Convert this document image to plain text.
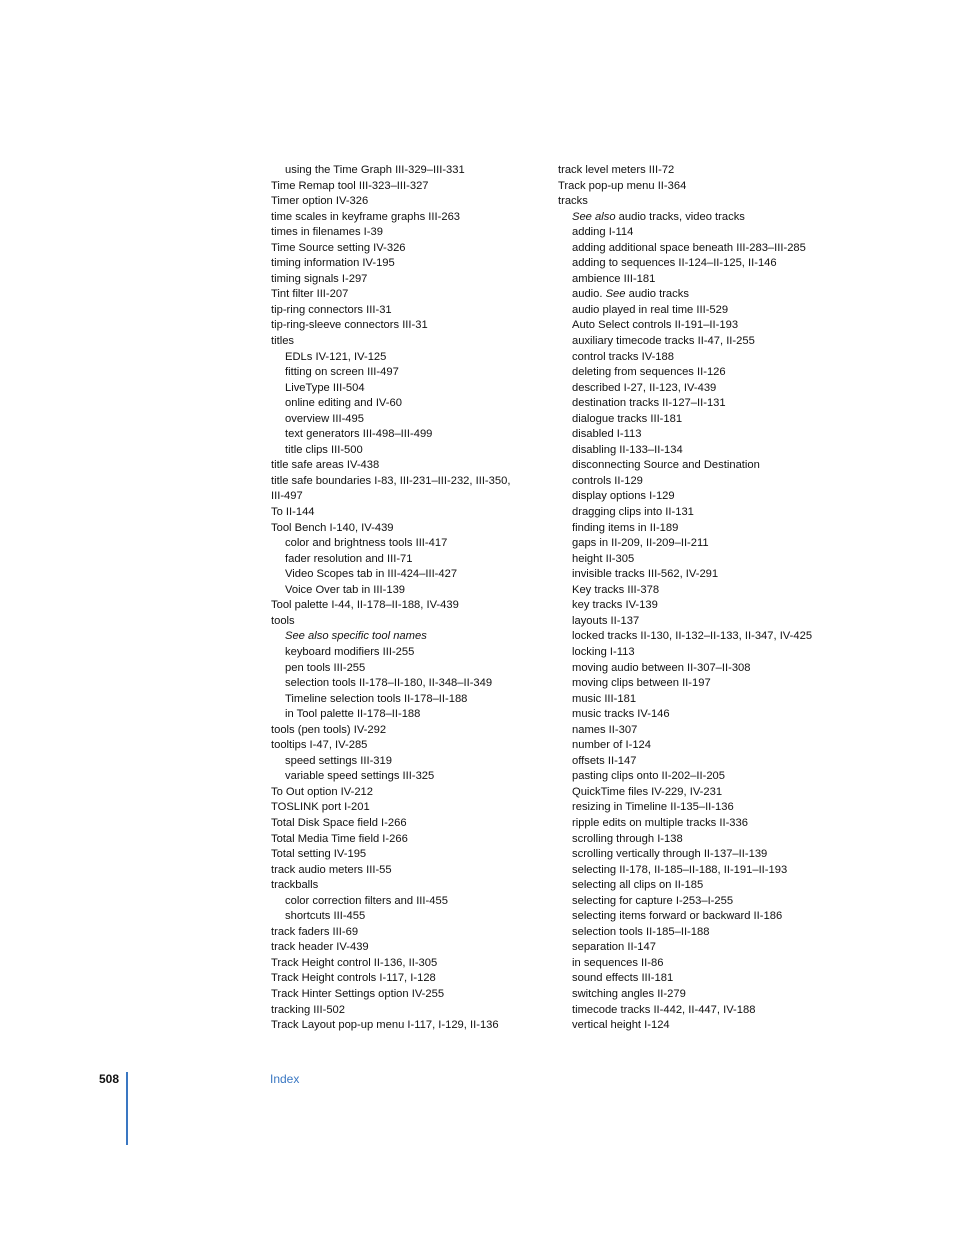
using the Time Graph III-329–III-331
Time Remap tool III-323–III-327
Timer option IV-326
time scales in keyframe graphs III-263
times in filenames I-39
Time Source setting IV-326
timing information IV-195
timing signals I-297
Tint filter III-207
tip-ring connectors III-31
tip-ring-sleeve connectors III-31
titles
EDLs IV-121, IV-125
fitting on screen III-497
LiveType III-504
online editing and IV-60
overview III-495
text generators III-498–III-499
title clips III-500
title safe areas IV-438
title safe boundaries I-83, III-231–III-232, III-350,
III-497
To II-144
Tool Bench I-140, IV-439
color and brightness tools III-417
fader resolution and III-71
Video Scopes tab in III-424–III-427
Voice Over tab in III-139
Tool palette I-44, II-178–II-188, IV-439
tools
See also specific tool names
keyboard modifiers III-255
pen tools III-255
selection tools II-178–II-180, II-348–II-349
Timeline selection tools II-178–II-188
in Tool palette II-178–II-188
tools (pen tools) IV-292
tooltips I-47, IV-285
speed settings III-319
variable speed settings III-325
To Out option IV-212
TOSLINK port I-201
Total Disk Space field I-266
Total Media Time field I-266
Total setting IV-195
track audio meters III-55
trackballs
color correction filters and III-455
shortcuts III-455
track faders III-69
track header IV-439
Track Height control II-136, II-305
Track Height controls I-117, I-128
Track Hinter Settings option IV-255
tracking III-502
Track Layout pop-up menu I-117, I-129, II-136
track level meters III-72
Track pop-up menu II-364
tracks
See also audio tracks, video tracks
adding I-114
adding additional space beneath III-283–III-285
adding to sequences II-124–II-125, II-146
ambience III-181
audio. See audio tracks
audio played in real time III-529
Auto Select controls II-191–II-193
auxiliary timecode tracks II-47, II-255
control tracks IV-188
deleting from sequences II-126
described I-27, II-123, IV-439
destination tracks II-127–II-131
dialogue tracks III-181
disabled I-113
disabling II-133–II-134
disconnecting Source and Destination
controls II-129
display options I-129
dragging clips into II-131
finding items in II-189
gaps in II-209, II-209–II-211
height II-305
invisible tracks III-562, IV-291
Key tracks III-378
key tracks IV-139
layouts II-137
locked tracks II-130, II-132–II-133, II-347, IV-425
locking I-113
moving audio between II-307–II-308
moving clips between II-197
music III-181
music tracks IV-146
names II-307
number of I-124
offsets II-147
pasting clips onto II-202–II-205
QuickTime files IV-229, IV-231
resizing in Timeline II-135–II-136
ripple edits on multiple tracks II-336
scrolling through I-138
scrolling vertically through II-137–II-139
selecting II-178, II-185–II-188, II-191–II-193
selecting all clips on II-185
selecting for capture I-253–I-255
selecting items forward or backward II-186
selection tools II-185–II-188
separation II-147
in sequences II-86
sound effects III-181
switching angles II-279
timecode tracks II-442, II-447, IV-188
vertical height I-124
508	Index
